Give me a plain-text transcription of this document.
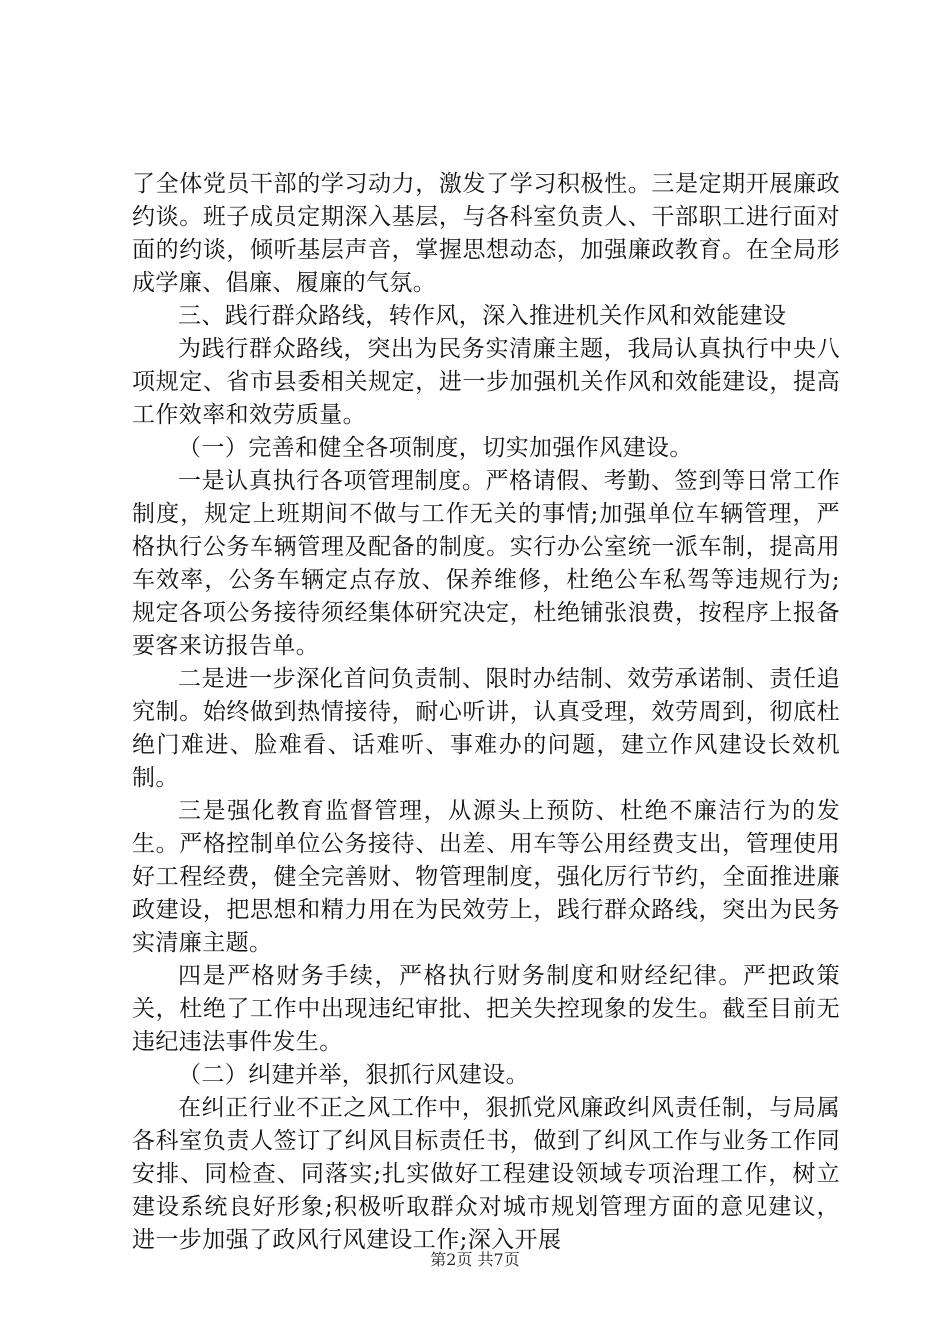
了全体党员干部的学习动力，激发了学习积极性。三是定期开展廉政约谈。班子成员定期深入基层，与各科室负责人、干部职工进行面对面的约谈，倾听基层声音，掌握思想动态，加强廉政教育。在全局形成学廉、倡廉、履廉的气氛。

三、践行群众路线，转作风，深入推进机关作风和效能建设

为践行群众路线，突出为民务实清廉主题，我局认真执行中央八项规定、省市县委相关规定，进一步加强机关作风和效能建设，提高工作效率和效劳质量。

（一）完善和健全各项制度，切实加强作风建设。

一是认真执行各项管理制度。严格请假、考勤、签到等日常工作制度，规定上班期间不做与工作无关的事情;加强单位车辆管理，严格执行公务车辆管理及配备的制度。实行办公室统一派车制，提高用车效率，公务车辆定点存放、保养维修，杜绝公车私驾等违规行为;规定各项公务接待须经集体研究决定，杜绝铺张浪费，按程序上报备要客来访报告单。

二是进一步深化首问负责制、限时办结制、效劳承诺制、责任追究制。始终做到热情接待，耐心听讲，认真受理，效劳周到，彻底杜绝门难进、脸难看、话难听、事难办的问题，建立作风建设长效机制。

三是强化教育监督管理，从源头上预防、杜绝不廉洁行为的发生。严格控制单位公务接待、出差、用车等公用经费支出，管理使用好工程经费，健全完善财、物管理制度，强化厉行节约，全面推进廉政建设，把思想和精力用在为民效劳上，践行群众路线，突出为民务实清廉主题。

四是严格财务手续，严格执行财务制度和财经纪律。严把政策关，杜绝了工作中出现违纪审批、把关失控现象的发生。截至目前无违纪违法事件发生。

（二）纠建并举，狠抓行风建设。

在纠正行业不正之风工作中，狠抓党风廉政纠风责任制，与局属各科室负责人签订了纠风目标责任书，做到了纠风工作与业务工作同安排、同检查、同落实;扎实做好工程建设领域专项治理工作，树立建设系统良好形象;积极听取群众对城市规划管理方面的意见建议，进一步加强了政风行风建设工作;深入开展

第2页 共7页
